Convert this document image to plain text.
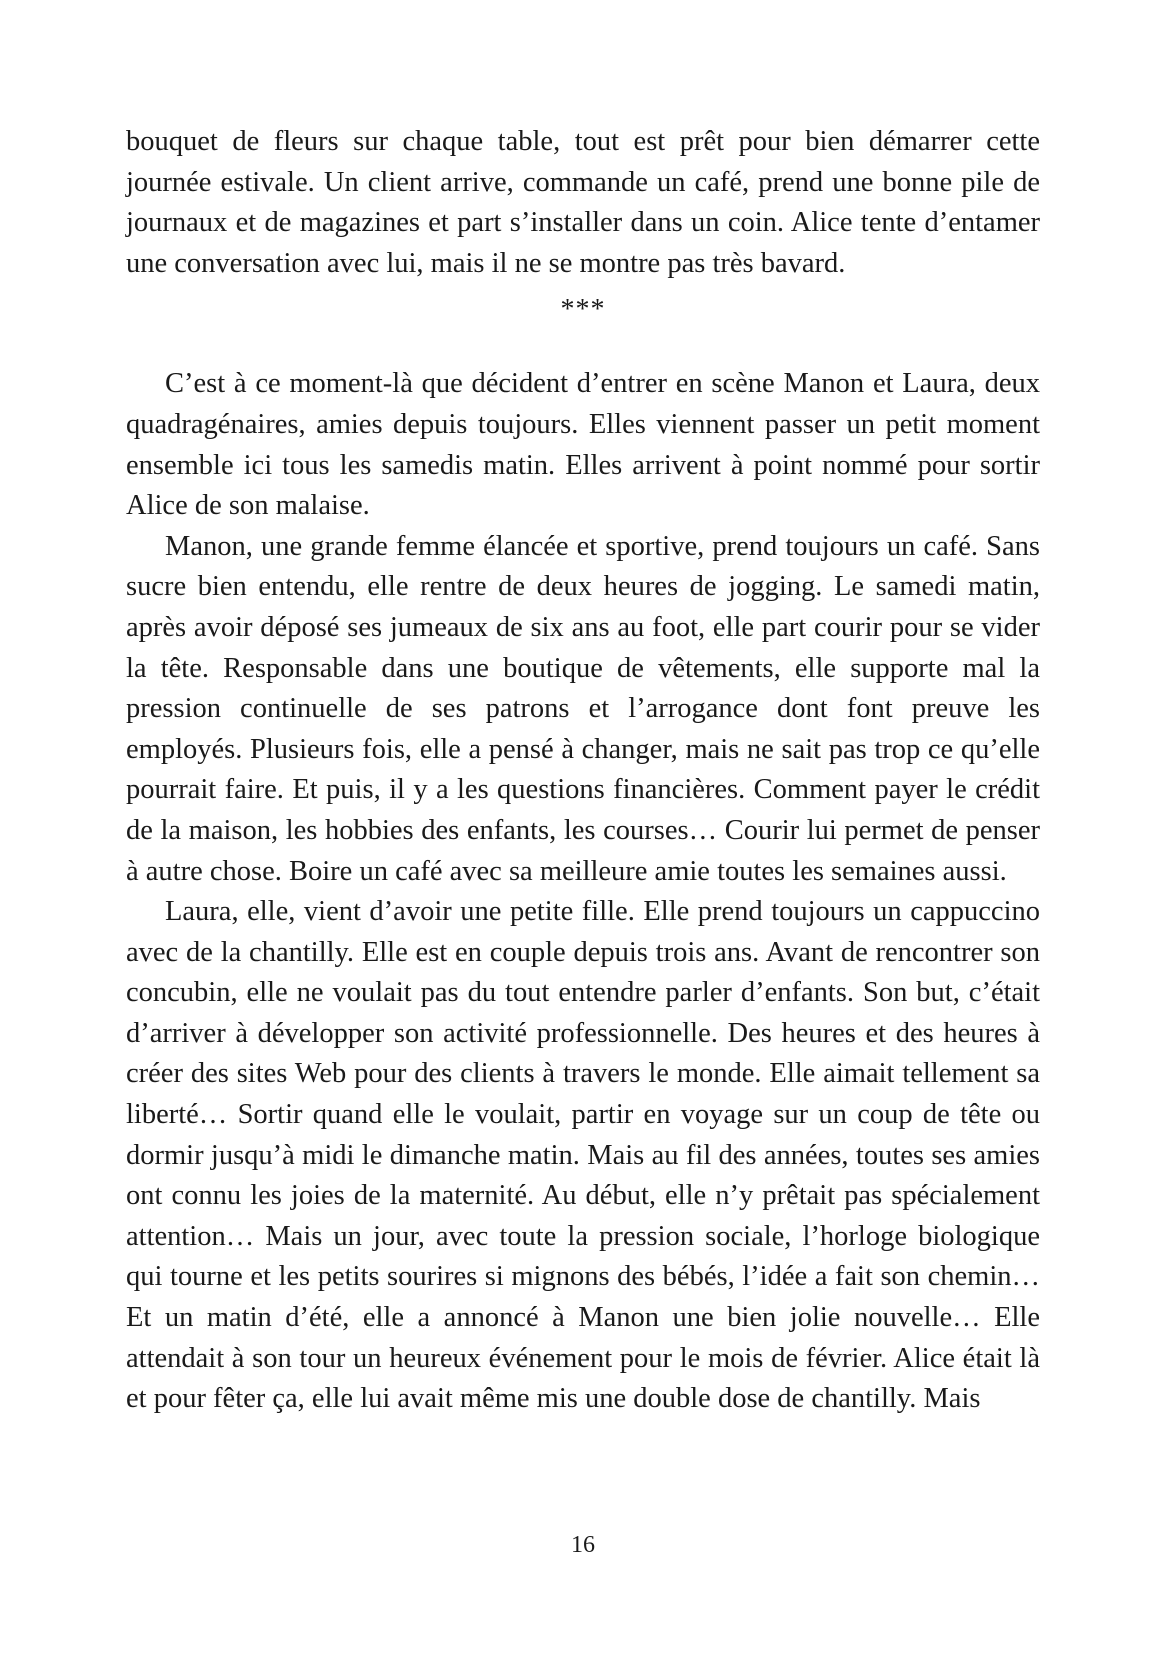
bouquet de fleurs sur chaque table, tout est prêt pour bien démarrer cette journée estivale. Un client arrive, commande un café, prend une bonne pile de journaux et de magazines et part s’installer dans un coin. Alice tente d’entamer une conversation avec lui, mais il ne se montre pas très bavard.

***

C’est à ce moment-là que décident d’entrer en scène Manon et Laura, deux quadragénaires, amies depuis toujours. Elles viennent passer un petit moment ensemble ici tous les samedis matin. Elles arrivent à point nommé pour sortir Alice de son malaise.

Manon, une grande femme élancée et sportive, prend toujours un café. Sans sucre bien entendu, elle rentre de deux heures de jogging. Le samedi matin, après avoir déposé ses jumeaux de six ans au foot, elle part courir pour se vider la tête. Responsable dans une boutique de vêtements, elle supporte mal la pression continuelle de ses patrons et l’arrogance dont font preuve les employés. Plusieurs fois, elle a pensé à changer, mais ne sait pas trop ce qu’elle pourrait faire. Et puis, il y a les questions financières. Comment payer le crédit de la maison, les hobbies des enfants, les courses… Courir lui permet de penser à autre chose. Boire un café avec sa meilleure amie toutes les semaines aussi.

Laura, elle, vient d’avoir une petite fille. Elle prend toujours un cappuccino avec de la chantilly. Elle est en couple depuis trois ans. Avant de rencontrer son concubin, elle ne voulait pas du tout entendre parler d’enfants. Son but, c’était d’arriver à développer son activité professionnelle. Des heures et des heures à créer des sites Web pour des clients à travers le monde. Elle aimait tellement sa liberté… Sortir quand elle le voulait, partir en voyage sur un coup de tête ou dormir jusqu’à midi le dimanche matin. Mais au fil des années, toutes ses amies ont connu les joies de la maternité. Au début, elle n’y prêtait pas spécialement attention… Mais un jour, avec toute la pression sociale, l’horloge biologique qui tourne et les petits sourires si mignons des bébés, l’idée a fait son chemin… Et un matin d’été, elle a annoncé à Manon une bien jolie nouvelle… Elle attendait à son tour un heureux événement pour le mois de février. Alice était là et pour fêter ça, elle lui avait même mis une double dose de chantilly. Mais

16
